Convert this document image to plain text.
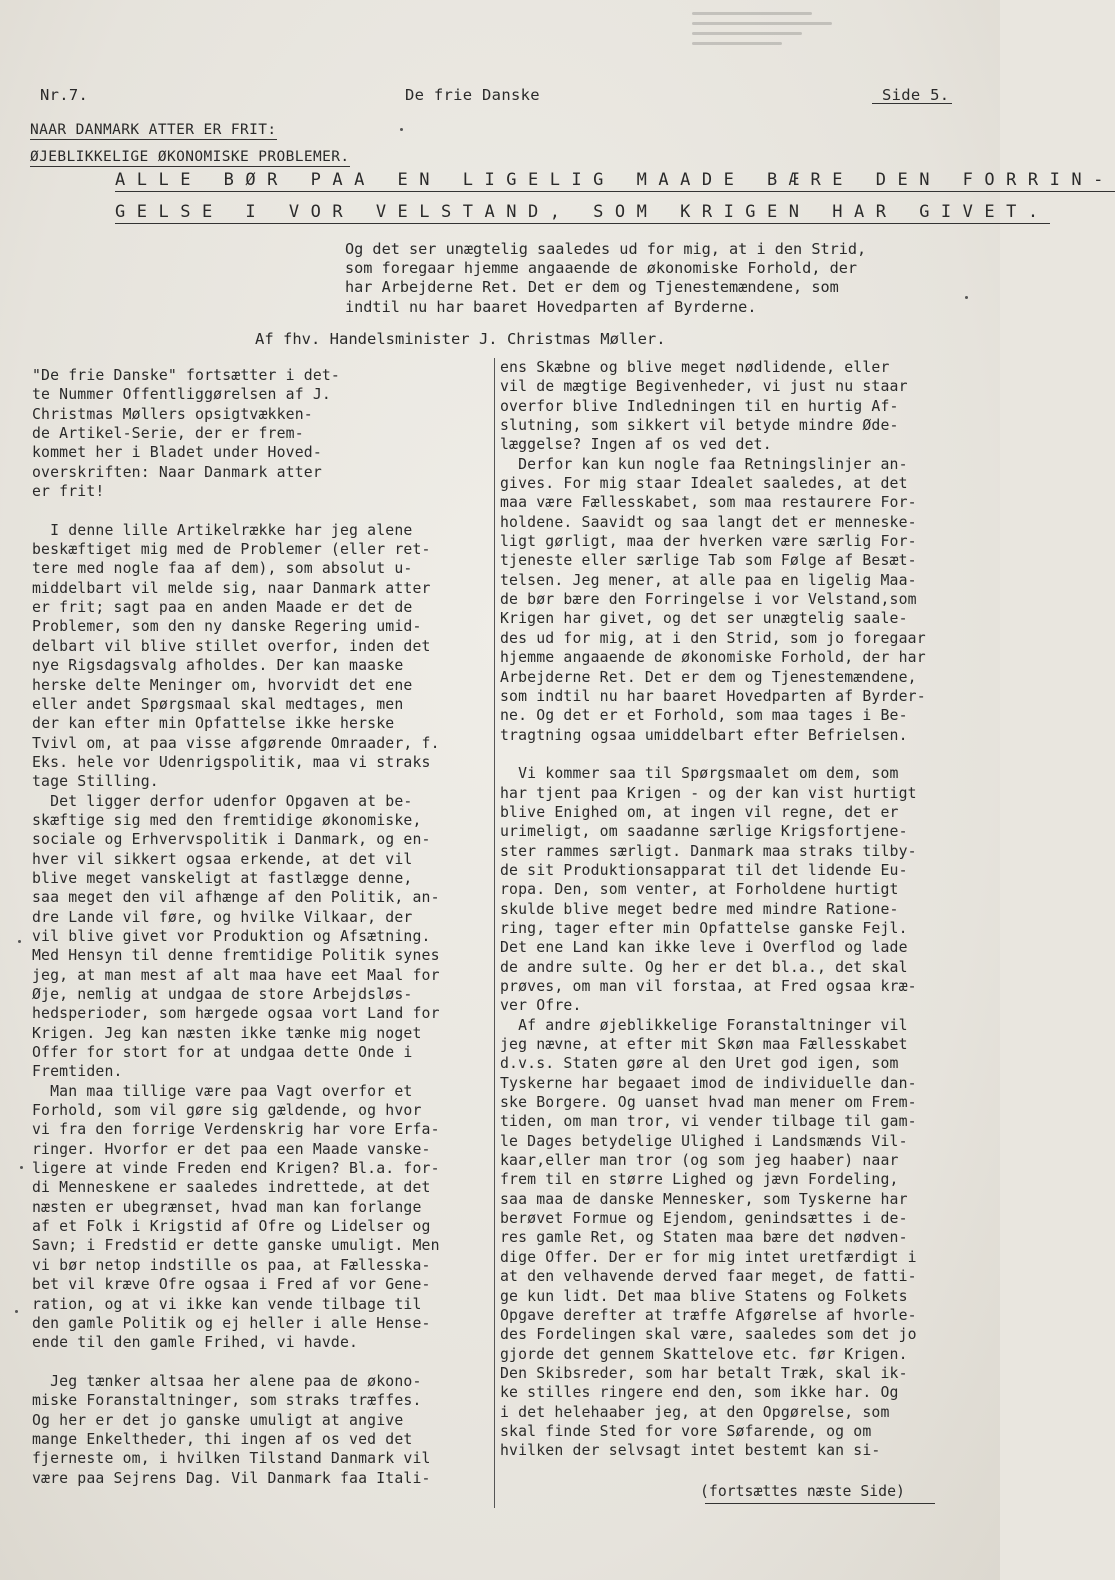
Nr.7.	De frie Danske	Side 5.
NAAR DANMARK ATTER ER FRIT:
ØJEBLIKKELIGE ØKONOMISKE PROBLEMER.
ALLE BØR PAA EN LIGELIG MAADE BÆRE DEN FORRIN-
GELSE I VOR VELSTAND, SOM KRIGEN HAR GIVET.
Og det ser unægtelig saaledes ud for mig, at i den Strid,
som foregaar hjemme angaaende de økonomiske Forhold, der
har Arbejderne Ret. Det er dem og Tjenestemændene, som
indtil nu har baaret Hovedparten af Byrderne.
Af fhv. Handelsminister J. Christmas Møller.
"De frie Danske" fortsætter i det-
te Nummer Offentliggørelsen af J.
Christmas Møllers opsigtvækken-
de Artikel-Serie, der er frem-
kommet her i Bladet under Hoved-
overskriften: Naar Danmark atter
er frit!

I denne lille Artikelrække har jeg alene
beskæftiget mig med de Problemer (eller ret-
tere med nogle faa af dem), som absolut u-
middelbart vil melde sig, naar Danmark atter
er frit; sagt paa en anden Maade er det de
Problemer, som den ny danske Regering umid-
delbart vil blive stillet overfor, inden det
nye Rigsdagsvalg afholdes. Der kan maaske
herske delte Meninger om, hvorvidt det ene
eller andet Spørgsmaal skal medtages, men
der kan efter min Opfattelse ikke herske
Tvivl om, at paa visse afgørende Omraader, f.
Eks. hele vor Udenrigspolitik, maa vi straks
tage Stilling.
Det ligger derfor udenfor Opgaven at be-
skæftige sig med den fremtidige økonomiske,
sociale og Erhvervspolitik i Danmark, og en-
hver vil sikkert ogsaa erkende, at det vil
blive meget vanskeligt at fastlægge denne,
saa meget den vil afhænge af den Politik, an-
dre Lande vil føre, og hvilke Vilkaar, der
vil blive givet vor Produktion og Afsætning.
Med Hensyn til denne fremtidige Politik synes
jeg, at man mest af alt maa have eet Maal for
Øje, nemlig at undgaa de store Arbejdsløs-
hedsperioder, som hærgede ogsaa vort Land for
Krigen. Jeg kan næsten ikke tænke mig noget
Offer for stort for at undgaa dette Onde i
Fremtiden.
Man maa tillige være paa Vagt overfor et
Forhold, som vil gøre sig gældende, og hvor
vi fra den forrige Verdenskrig har vore Erfa-
ringer. Hvorfor er det paa een Maade vanske-
ligere at vinde Freden end Krigen? Bl.a. for-
di Menneskene er saaledes indrettede, at det
næsten er ubegrænset, hvad man kan forlange
af et Folk i Krigstid af Ofre og Lidelser og
Savn; i Fredstid er dette ganske umuligt. Men
vi bør netop indstille os paa, at Fællesska-
bet vil kræve Ofre ogsaa i Fred af vor Gene-
ration, og at vi ikke kan vende tilbage til
den gamle Politik og ej heller i alle Hense-
ende til den gamle Frihed, vi havde.

Jeg tænker altsaa her alene paa de økono-
miske Foranstaltninger, som straks træffes.
Og her er det jo ganske umuligt at angive
mange Enkeltheder, thi ingen af os ved det
fjerneste om, i hvilken Tilstand Danmark vil
være paa Sejrens Dag. Vil Danmark faa Itali-
ens Skæbne og blive meget nødlidende, eller
vil de mægtige Begivenheder, vi just nu staar
overfor blive Indledningen til en hurtig Af-
slutning, som sikkert vil betyde mindre Øde-
læggelse? Ingen af os ved det.
Derfor kan kun nogle faa Retningslinjer an-
gives. For mig staar Idealet saaledes, at det
maa være Fællesskabet, som maa restaurere For-
holdene. Saavidt og saa langt det er menneske-
ligt gørligt, maa der hverken være særlig For-
tjeneste eller særlige Tab som Følge af Besæt-
telsen. Jeg mener, at alle paa en ligelig Maa-
de bør bære den Forringelse i vor Velstand,som
Krigen har givet, og det ser unægtelig saale-
des ud for mig, at i den Strid, som jo foregaar
hjemme angaaende de økonomiske Forhold, der har
Arbejderne Ret. Det er dem og Tjenestemændene,
som indtil nu har baaret Hovedparten af Byrder-
ne. Og det er et Forhold, som maa tages i Be-
tragtning ogsaa umiddelbart efter Befrielsen.

Vi kommer saa til Spørgsmaalet om dem, som
har tjent paa Krigen - og der kan vist hurtigt
blive Enighed om, at ingen vil regne, det er
urimeligt, om saadanne særlige Krigsfortjene-
ster rammes særligt. Danmark maa straks tilby-
de sit Produktionsapparat til det lidende Eu-
ropa. Den, som venter, at Forholdene hurtigt
skulde blive meget bedre med mindre Ratione-
ring, tager efter min Opfattelse ganske Fejl.
Det ene Land kan ikke leve i Overflod og lade
de andre sulte. Og her er det bl.a., det skal
prøves, om man vil forstaa, at Fred ogsaa kræ-
ver Ofre.
Af andre øjeblikkelige Foranstaltninger vil
jeg nævne, at efter mit Skøn maa Fællesskabet
d.v.s. Staten gøre al den Uret god igen, som
Tyskerne har begaaet imod de individuelle dan-
ske Borgere. Og uanset hvad man mener om Frem-
tiden, om man tror, vi vender tilbage til gam-
le Dages betydelige Ulighed i Landsmænds Vil-
kaar,eller man tror (og som jeg haaber) naar
frem til en større Lighed og jævn Fordeling,
saa maa de danske Mennesker, som Tyskerne har
berøvet Formue og Ejendom, genindsættes i de-
res gamle Ret, og Staten maa bære det nødven-
dige Offer. Der er for mig intet uretfærdigt i
at den velhavende derved faar meget, de fatti-
ge kun lidt. Det maa blive Statens og Folkets
Opgave derefter at træffe Afgørelse af hvorle-
des Fordelingen skal være, saaledes som det jo
gjorde det gennem Skattelove etc. før Krigen.
Den Skibsreder, som har betalt Træk, skal ik-
ke stilles ringere end den, som ikke har. Og
i det helehaaber jeg, at den Opgørelse, som
skal finde Sted for vore Søfarende, og om
hvilken der selvsagt intet bestemt kan si-
(fortsættes næste Side)
